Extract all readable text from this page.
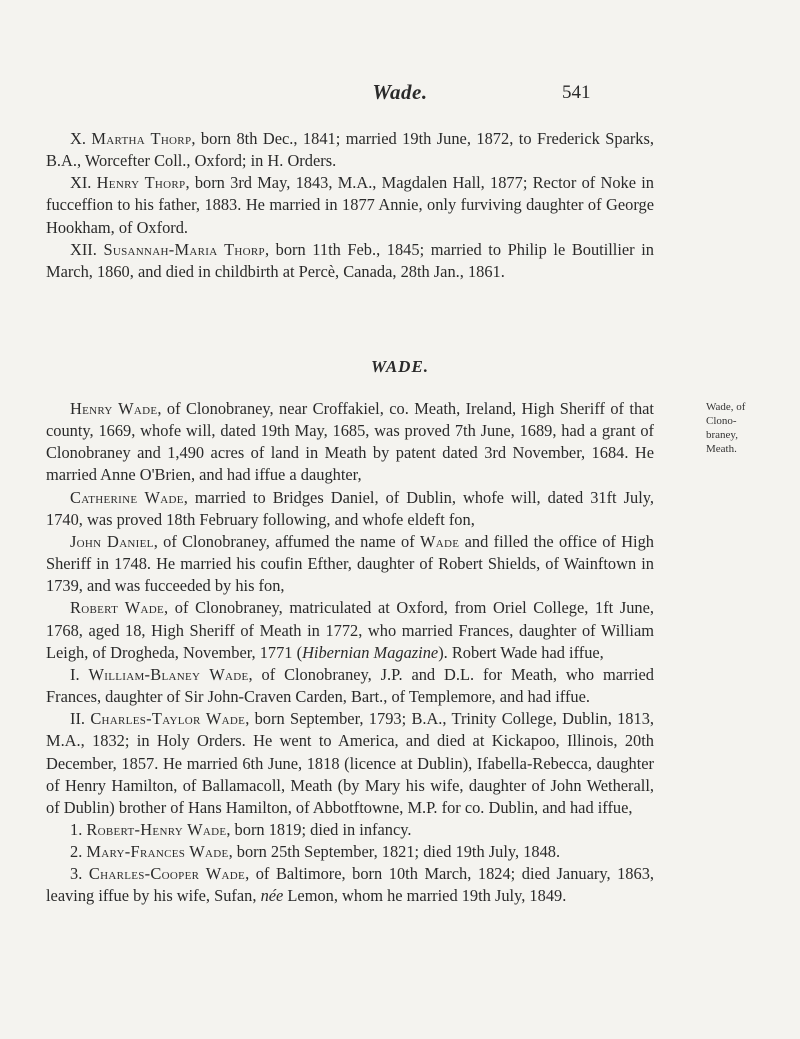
Wade.	541

X. Martha Thorp, born 8th Dec., 1841; married 19th June, 1872, to Frederick Sparks, B.A., Worcefter Coll., Oxford; in H. Orders.

XI. Henry Thorp, born 3rd May, 1843, M.A., Magdalen Hall, 1877; Rector of Noke in fucceffion to his father, 1883. He married in 1877 Annie, only furviving daughter of George Hookham, of Oxford.

XII. Susannah-Maria Thorp, born 11th Feb., 1845; married to Philip le Boutillier in March, 1860, and died in childbirth at Percè, Canada, 28th Jan., 1861.

WADE.
Wade, of
Clono-
braney,
Meath.

Henry Wade, of Clonobraney, near Croffakiel, co. Meath, Ireland, High Sheriff of that county, 1669, whofe will, dated 19th May, 1685, was proved 7th June, 1689, had a grant of Clonobraney and 1,490 acres of land in Meath by patent dated 3rd November, 1684. He married Anne O'Brien, and had iffue a daughter,

Catherine Wade, married to Bridges Daniel, of Dublin, whofe will, dated 31ft July, 1740, was proved 18th February following, and whofe eldeft fon,

John Daniel, of Clonobraney, affumed the name of Wade and filled the office of High Sheriff in 1748. He married his coufin Efther, daughter of Robert Shields, of Wainftown in 1739, and was fucceeded by his fon,

Robert Wade, of Clonobraney, matriculated at Oxford, from Oriel College, 1ft June, 1768, aged 18, High Sheriff of Meath in 1772, who married Frances, daughter of William Leigh, of Drogheda, November, 1771 (Hibernian Magazine). Robert Wade had iffue,

I. William-Blaney Wade, of Clonobraney, J.P. and D.L. for Meath, who married Frances, daughter of Sir John-Craven Carden, Bart., of Templemore, and had iffue.

II. Charles-Taylor Wade, born September, 1793; B.A., Trinity College, Dublin, 1813, M.A., 1832; in Holy Orders. He went to America, and died at Kickapoo, Illinois, 20th December, 1857. He married 6th June, 1818 (licence at Dublin), Ifabella-Rebecca, daughter of Henry Hamilton, of Ballamacoll, Meath (by Mary his wife, daughter of John Wetherall, of Dublin) brother of Hans Hamilton, of Abbotftowne, M.P. for co. Dublin, and had iffue,

1. Robert-Henry Wade, born 1819; died in infancy.

2. Mary-Frances Wade, born 25th September, 1821; died 19th July, 1848.

3. Charles-Cooper Wade, of Baltimore, born 10th March, 1824; died January, 1863, leaving iffue by his wife, Sufan, née Lemon, whom he married 19th July, 1849.
